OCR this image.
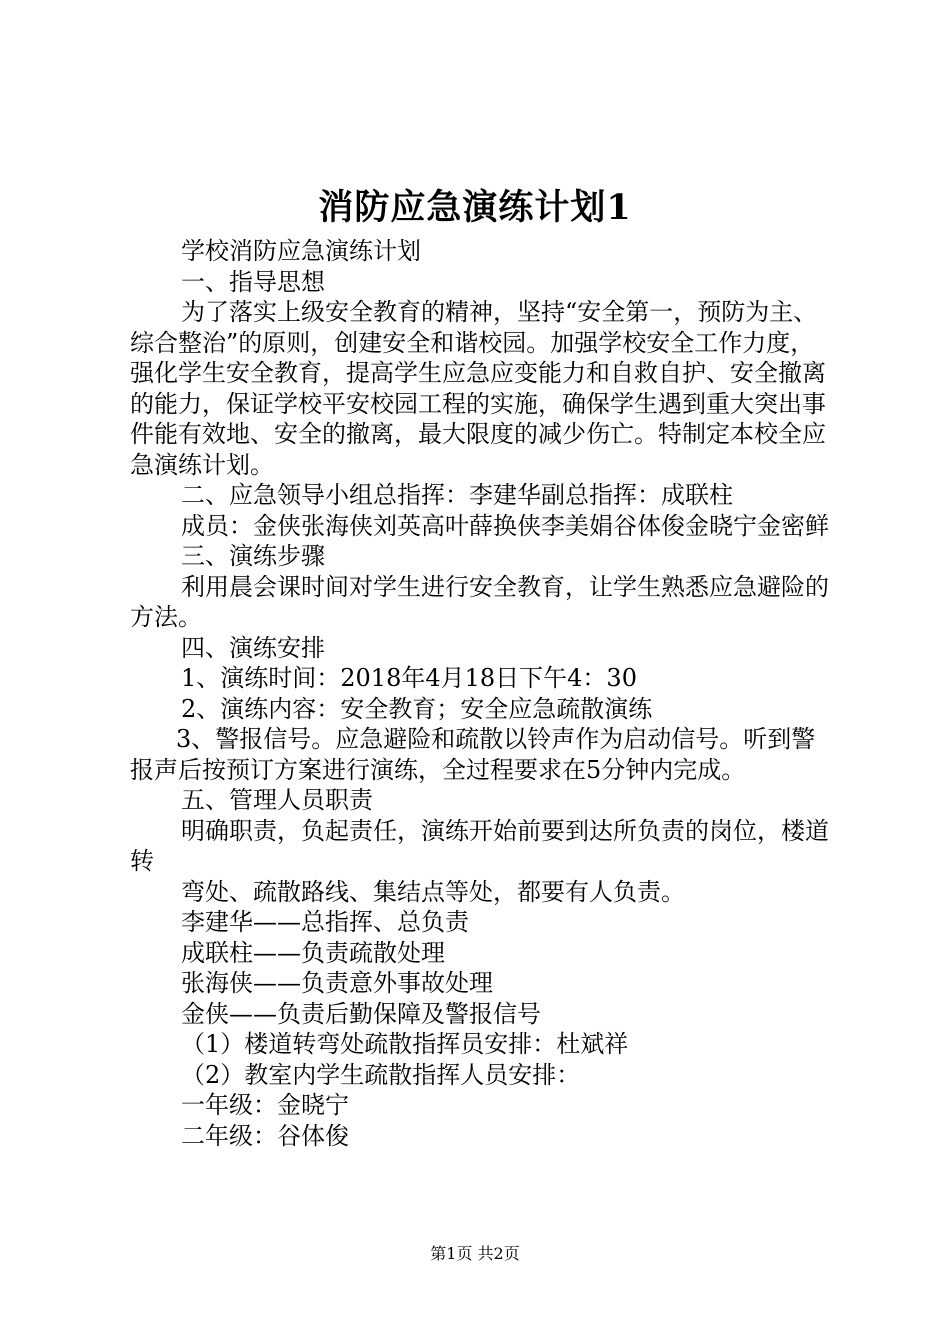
消防应急演练计划1

学校消防应急演练计划

一、指导思想

为了落实上级安全教育的精神，坚持“安全第一，预防为主、综合整治”的原则，创建安全和谐校园。加强学校安全工作力度，强化学生安全教育，提高学生应急应变能力和自救自护、安全撤离的能力，保证学校平安校园工程的实施，确保学生遇到重大突出事件能有效地、安全的撤离，最大限度的减少伤亡。特制定本校全应急演练计划。

二、应急领导小组总指挥：李建华副总指挥：成联柱

成员：金侠张海侠刘英高叶薛换侠李美娟谷体俊金晓宁金密鲜

三、演练步骤

利用晨会课时间对学生进行安全教育，让学生熟悉应急避险的方法。

四、演练安排

1、演练时间：2018年4月18日下午4：30

2、演练内容：安全教育；安全应急疏散演练

3、警报信号。应急避险和疏散以铃声作为启动信号。听到警报声后按预订方案进行演练，全过程要求在5分钟内完成。

五、管理人员职责

明确职责，负起责任，演练开始前要到达所负责的岗位，楼道转

弯处、疏散路线、集结点等处，都要有人负责。

李建华——总指挥、总负责

成联柱——负责疏散处理

张海侠——负责意外事故处理

金侠——负责后勤保障及警报信号

（1）楼道转弯处疏散指挥员安排：杜斌祥

（2）教室内学生疏散指挥人员安排：

一年级：金晓宁

二年级：谷体俊

第1页 共2页
